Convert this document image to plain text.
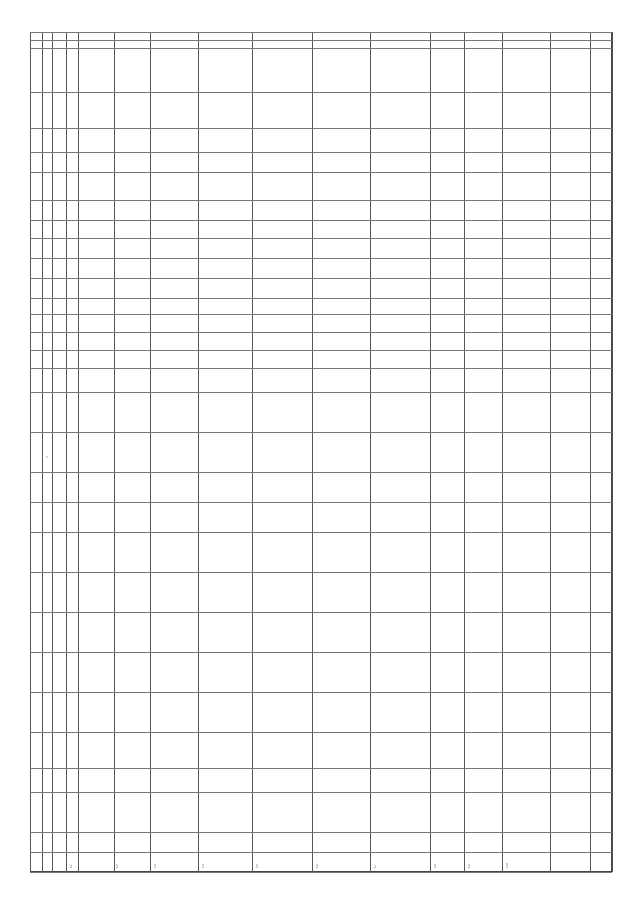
1.1	1.2	1.3	1.4	1.5	1.6	1.7	1.8	1.9	1.10
2
